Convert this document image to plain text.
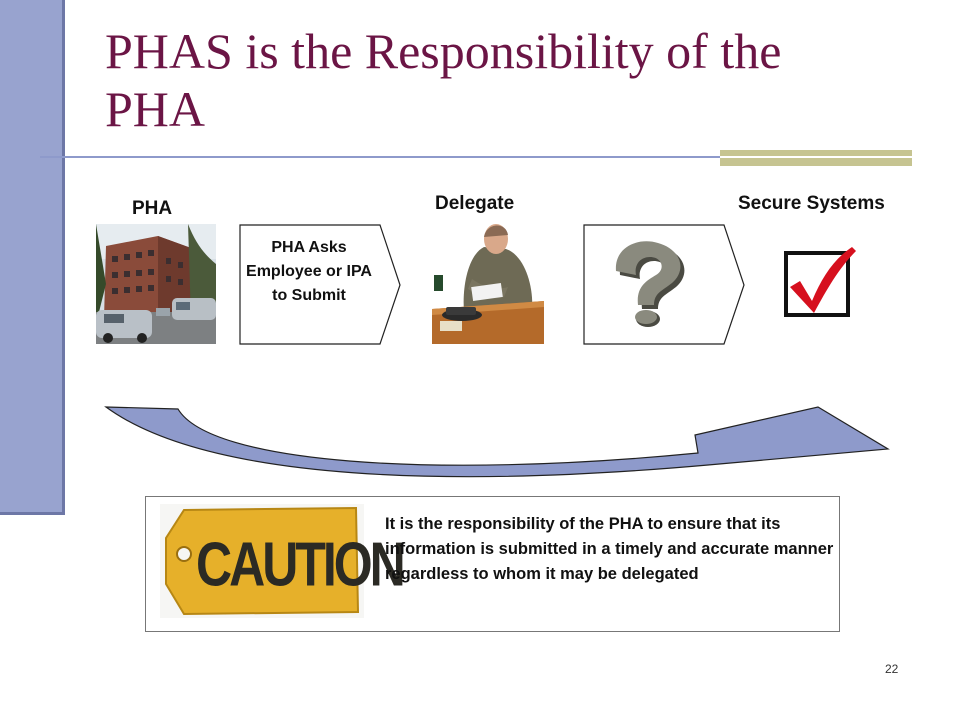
PHAS is the Responsibility of the PHA
PHA	Delegate	Secure Systems
PHA Asks Employee or IPA to Submit
CAUTION
It is the responsibility of the PHA to ensure that its information is submitted in a timely and accurate manner regardless to whom it may be delegated
22
